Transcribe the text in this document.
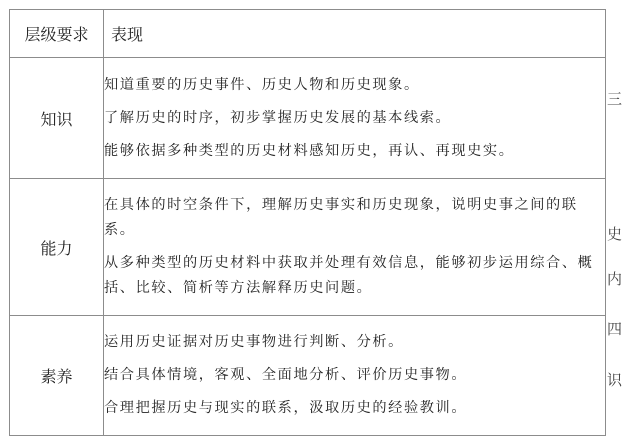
层级要求	表现
知识	知道重要的历史事件、历史人物和历史现象。
了解历史的时序，初步掌握历史发展的基本线索。
能够依据多种类型的历史材料感知历史，再认、再现史实。

能力	在具体的时空条件下，理解历史事实和历史现象，说明史事之间的联系。
从多种类型的历史材料中获取并处理有效信息，能够初步运用综合、概括、比较、简析等方法解释历史问题。

素养	运用历史证据对历史事物进行判断、分析。
结合具体情境，客观、全面地分析、评价历史事物。
合理把握历史与现实的联系，汲取历史的经验教训。
三
史
内
四
识
